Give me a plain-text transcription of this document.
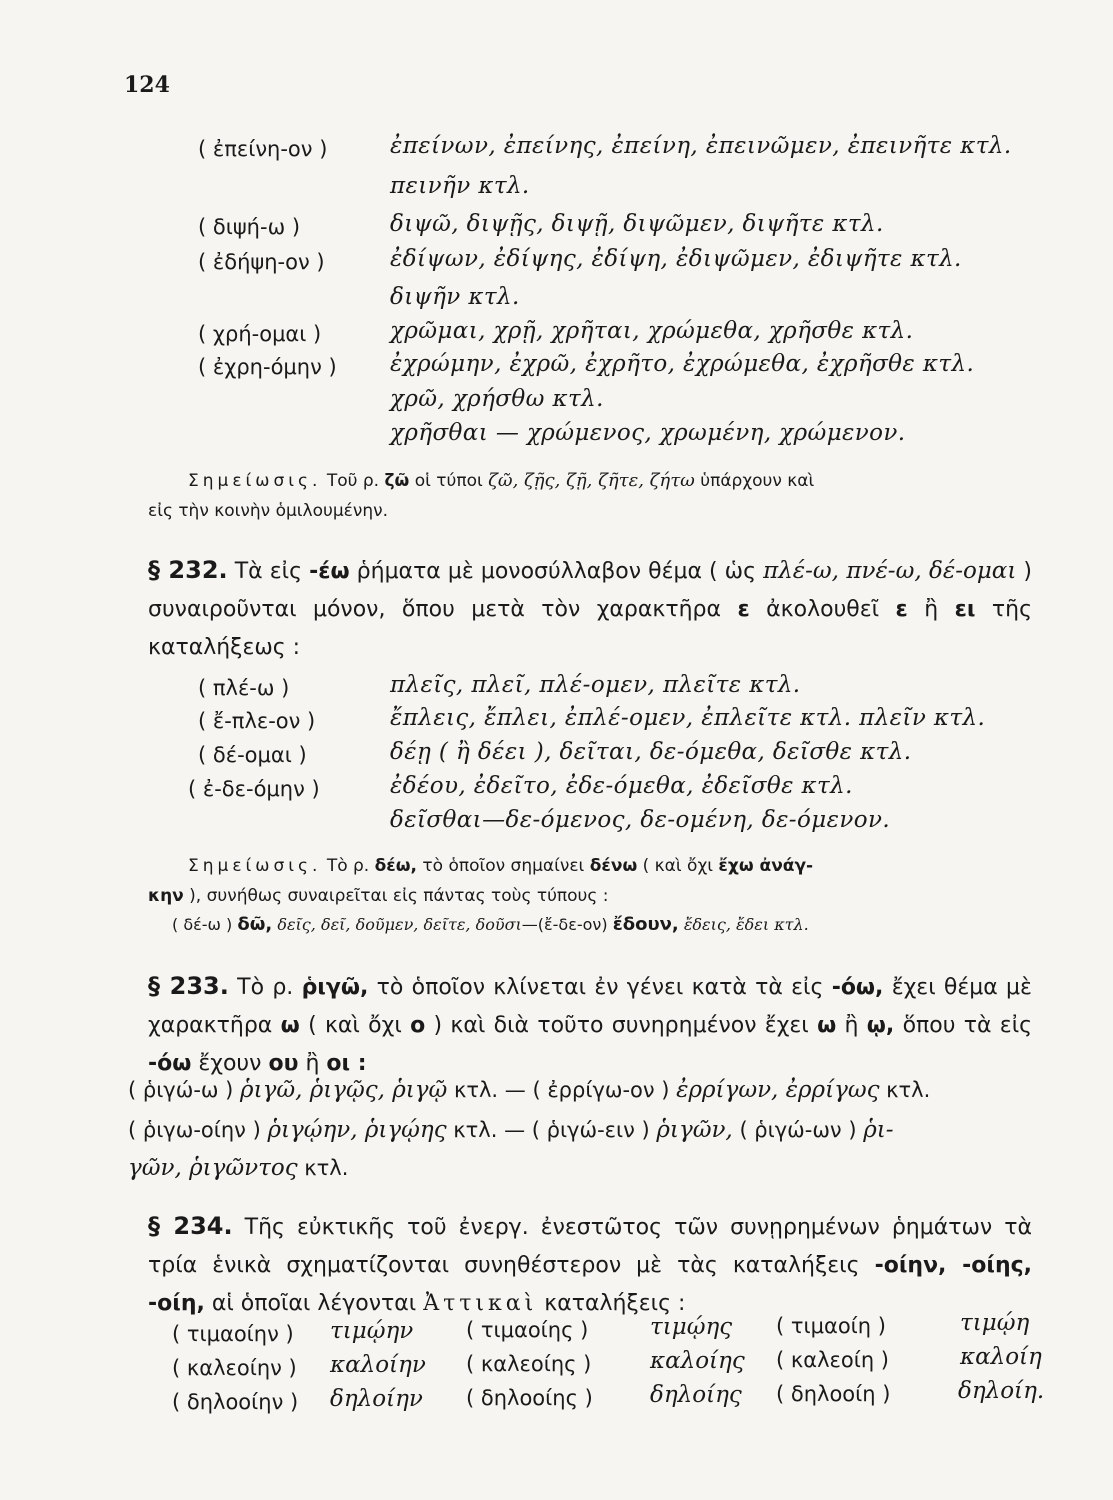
124
( ἐπείνη-ον )	ἐπείνων, ἐπείνης, ἐπείνη, ἐπεινῶμεν, ἐπεινῆτε κτλ.
πεινῆν κτλ.
( διψή-ω )	διψῶ, διψῇς, διψῇ, διψῶμεν, διψῆτε κτλ.
( ἐδήψη-ον )	ἐδίψων, ἐδίψης, ἐδίψη, ἐδιψῶμεν, ἐδιψῆτε κτλ.
διψῆν κτλ.
( χρή-ομαι )	χρῶμαι, χρῇ, χρῆται, χρώμεθα, χρῆσθε κτλ.
( ἐχρη-όμην ) ἐχρώμην, ἐχρῶ, ἐχρῆτο, ἐχρώμεθα, ἐχρῆσθε κτλ.
χρῶ, χρήσθω κτλ.
χρῆσθαι — χρώμενος, χρωμένη, χρώμενον.
Σημείωσις. Τοῦ ρ. ζῶ οἱ τύποι ζῶ, ζῇς, ζῇ, ζῆτε, ζήτω ὑπάρχουν καὶ
εἰς τὴν κοινὴν ὁμιλουμένην.
§ 232. Τὰ εἰς -έω ῥήματα μὲ μονοσύλλαβον θέμα ( ὡς πλέ-ω, πνέ-ω, δέ-ομαι ) συναιροῦνται μόνον, ὅπου μετὰ τὸν χαρακτῆρα ε ἀκολουθεῖ ε ἢ ει τῆς καταλήξεως :
( πλέ-ω )	πλεῖς, πλεῖ, πλέ-ομεν, πλεῖτε κτλ.
( ἔ-πλε-ον )	ἔπλεις, ἔπλει, ἐπλέ-ομεν, ἐπλεῖτε κτλ. πλεῖν κτλ.
( δέ-ομαι )	δέῃ ( ἢ δέει ), δεῖται, δε-όμεθα, δεῖσθε κτλ.
( ἐ-δε-όμην )	ἐδέου, ἐδεῖτο, ἐδε-όμεθα, ἐδεῖσθε κτλ.
δεῖσθαι—δε-όμενος, δε-ομένη, δε-όμενον.
Σημείωσις. Τὸ ρ. δέω, τὸ ὁποῖον σημαίνει δένω ( καὶ ὄχι ἔχω ἀνάγ-
κην ), συνήθως συναιρεῖται εἰς πάντας τοὺς τύπους :
( δέ-ω ) δῶ, δεῖς, δεῖ, δοῦμεν, δεῖτε, δοῦσι—(ἔ-δε-ον) ἔδουν, ἔδεις, ἔδει κτλ.
§ 233. Τὸ ρ. ῥιγῶ, τὸ ὁποῖον κλίνεται ἐν γένει κατὰ τὰ εἰς -όω, ἔχει θέμα μὲ χαρακτῆρα ω ( καὶ ὄχι ο ) καὶ διὰ τοῦτο συνηρημένον ἔχει ω ἢ ῳ, ὅπου τὰ εἰς -όω ἔχουν ου ἢ οι :
( ῥιγώ-ω ) ῥιγῶ, ῥιγῷς, ῥιγῷ κτλ. — ( ἐρρίγω-ον ) ἐρρίγων, ἐρρίγως κτλ.
( ῥιγω-οίην ) ῥιγῴην, ῥιγῴης κτλ. — ( ῥιγώ-ειν ) ῥιγῶν, ( ῥιγώ-ων ) ῥι-
γῶν, ῥιγῶντος κτλ.
§ 234. Τῆς εὐκτικῆς τοῦ ἐνεργ. ἐνεστῶτος τῶν συνῃρημένων ῥημάτων τὰ τρία ἑνικὰ σχηματίζονται συνηθέστερον μὲ τὰς καταλήξεις -οίην, -οίης, -οίη, αἱ ὁποῖαι λέγονται Ἀττικαὶ καταλήξεις :
( τιμαοίην ) τιμῴην	( τιμαοίης )	τιμῴης ( τιμαοίη )	τιμῴη
( καλεοίην ) καλοίην ( καλεοίης )	καλοίης ( καλεοίη )	καλοίη
( δηλοοίην ) δηλοίην ( δηλοοίης ) δηλοίης ( δηλοοίη )	δηλοίη.
